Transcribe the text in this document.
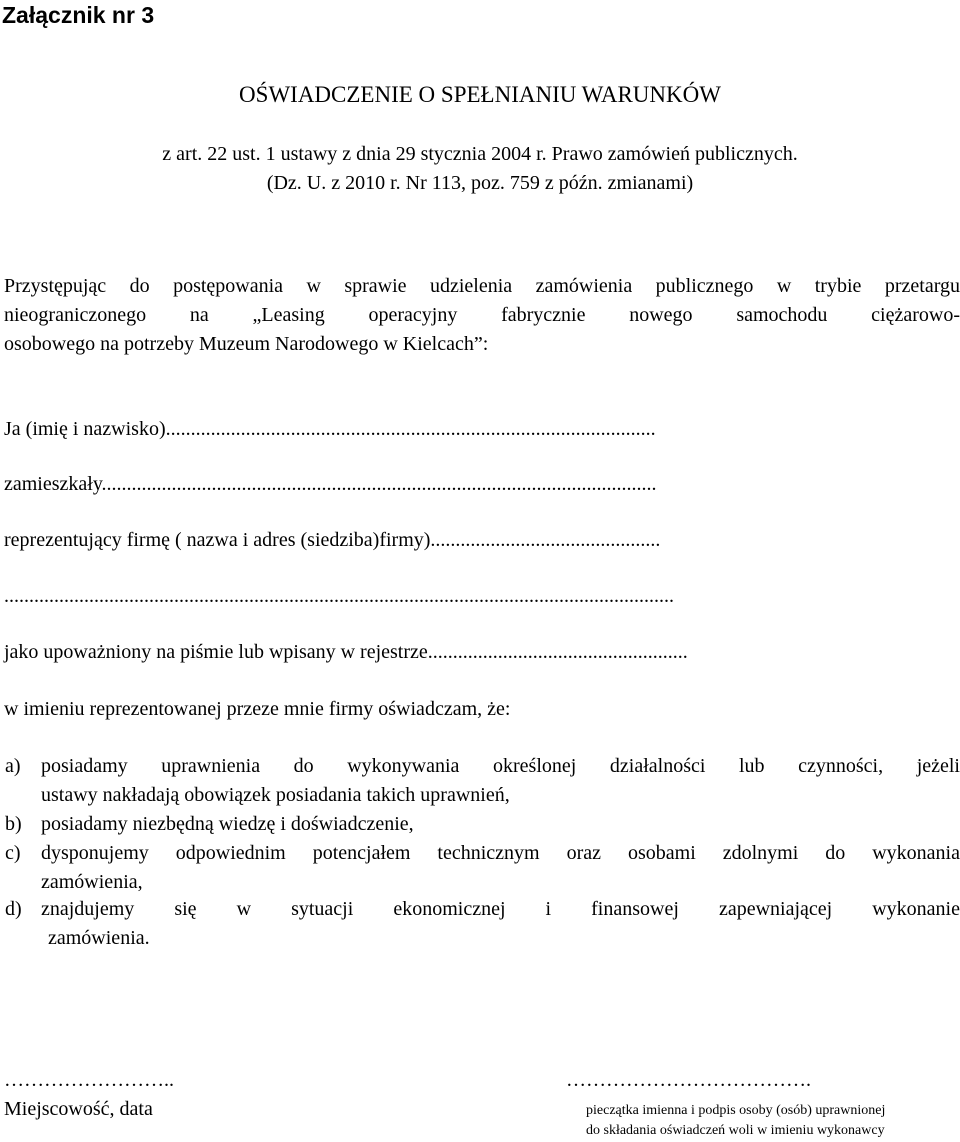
Załącznik nr 3
OŚWIADCZENIE O SPEŁNIANIU WARUNKÓW
z art. 22 ust. 1 ustawy z dnia 29 stycznia 2004 r. Prawo zamówień publicznych.
(Dz. U. z 2010 r. Nr 113, poz. 759 z późn. zmianami)
Przystępując do postępowania w sprawie udzielenia zamówienia publicznego w trybie przetargu
nieograniczonego na „Leasing operacyjny fabrycznie nowego samochodu ciężarowo-
osobowego na potrzeby Muzeum Narodowego w Kielcach”:
Ja (imię i nazwisko)..................................................................................................
zamieszkały...............................................................................................................
reprezentujący firmę ( nazwa i adres (siedziba)firmy)..............................................
......................................................................................................................................
jako upoważniony na piśmie lub wpisany w rejestrze....................................................
w imieniu reprezentowanej przeze mnie firmy oświadczam, że:
a) posiadamy uprawnienia do wykonywania określonej działalności lub czynności, jeżeli
ustawy nakładają obowiązek posiadania takich uprawnień,
b) posiadamy niezbędną wiedzę i doświadczenie,
c) dysponujemy odpowiednim potencjałem technicznym oraz osobami zdolnymi do wykonania
zamówienia,
d) znajdujemy się w sytuacji ekonomicznej i finansowej zapewniającej wykonanie
zamówienia.
……………………..
Miejscowość, data
……………………………….
pieczątka imienna i podpis osoby (osób) uprawnionej
do składania oświadczeń woli w imieniu wykonawcy
